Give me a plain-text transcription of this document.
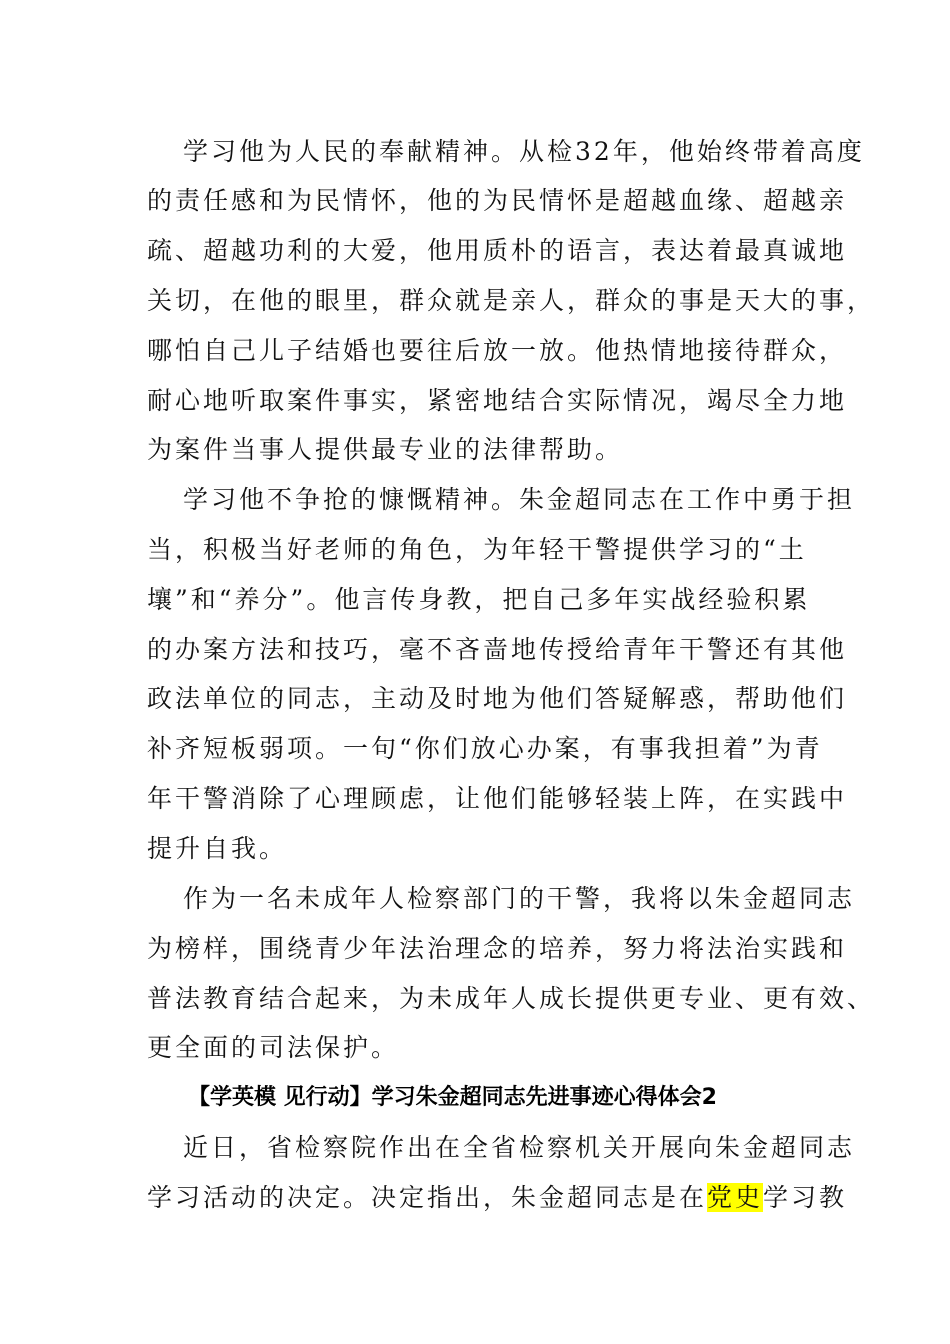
学习他为人民的奉献精神。从检32年，他始终带着高度
的责任感和为民情怀，他的为民情怀是超越血缘、超越亲
疏、超越功利的大爱，他用质朴的语言，表达着最真诚地
关切，在他的眼里，群众就是亲人，群众的事是天大的事，
哪怕自己儿子结婚也要往后放一放。他热情地接待群众，
耐心地听取案件事实，紧密地结合实际情况，竭尽全力地
为案件当事人提供最专业的法律帮助。
学习他不争抢的慷慨精神。朱金超同志在工作中勇于担
当，积极当好老师的角色，为年轻干警提供学习的“土
壤”和“养分”。他言传身教，把自己多年实战经验积累
的办案方法和技巧，毫不吝啬地传授给青年干警还有其他
政法单位的同志，主动及时地为他们答疑解惑，帮助他们
补齐短板弱项。一句“你们放心办案，有事我担着”为青
年干警消除了心理顾虑，让他们能够轻装上阵，在实践中
提升自我。
作为一名未成年人检察部门的干警，我将以朱金超同志
为榜样，围绕青少年法治理念的培养，努力将法治实践和
普法教育结合起来，为未成年人成长提供更专业、更有效、
更全面的司法保护。
【学英模 见行动】学习朱金超同志先进事迹心得体会2
近日，省检察院作出在全省检察机关开展向朱金超同志
学习活动的决定。决定指出，朱金超同志是在党史学习教
